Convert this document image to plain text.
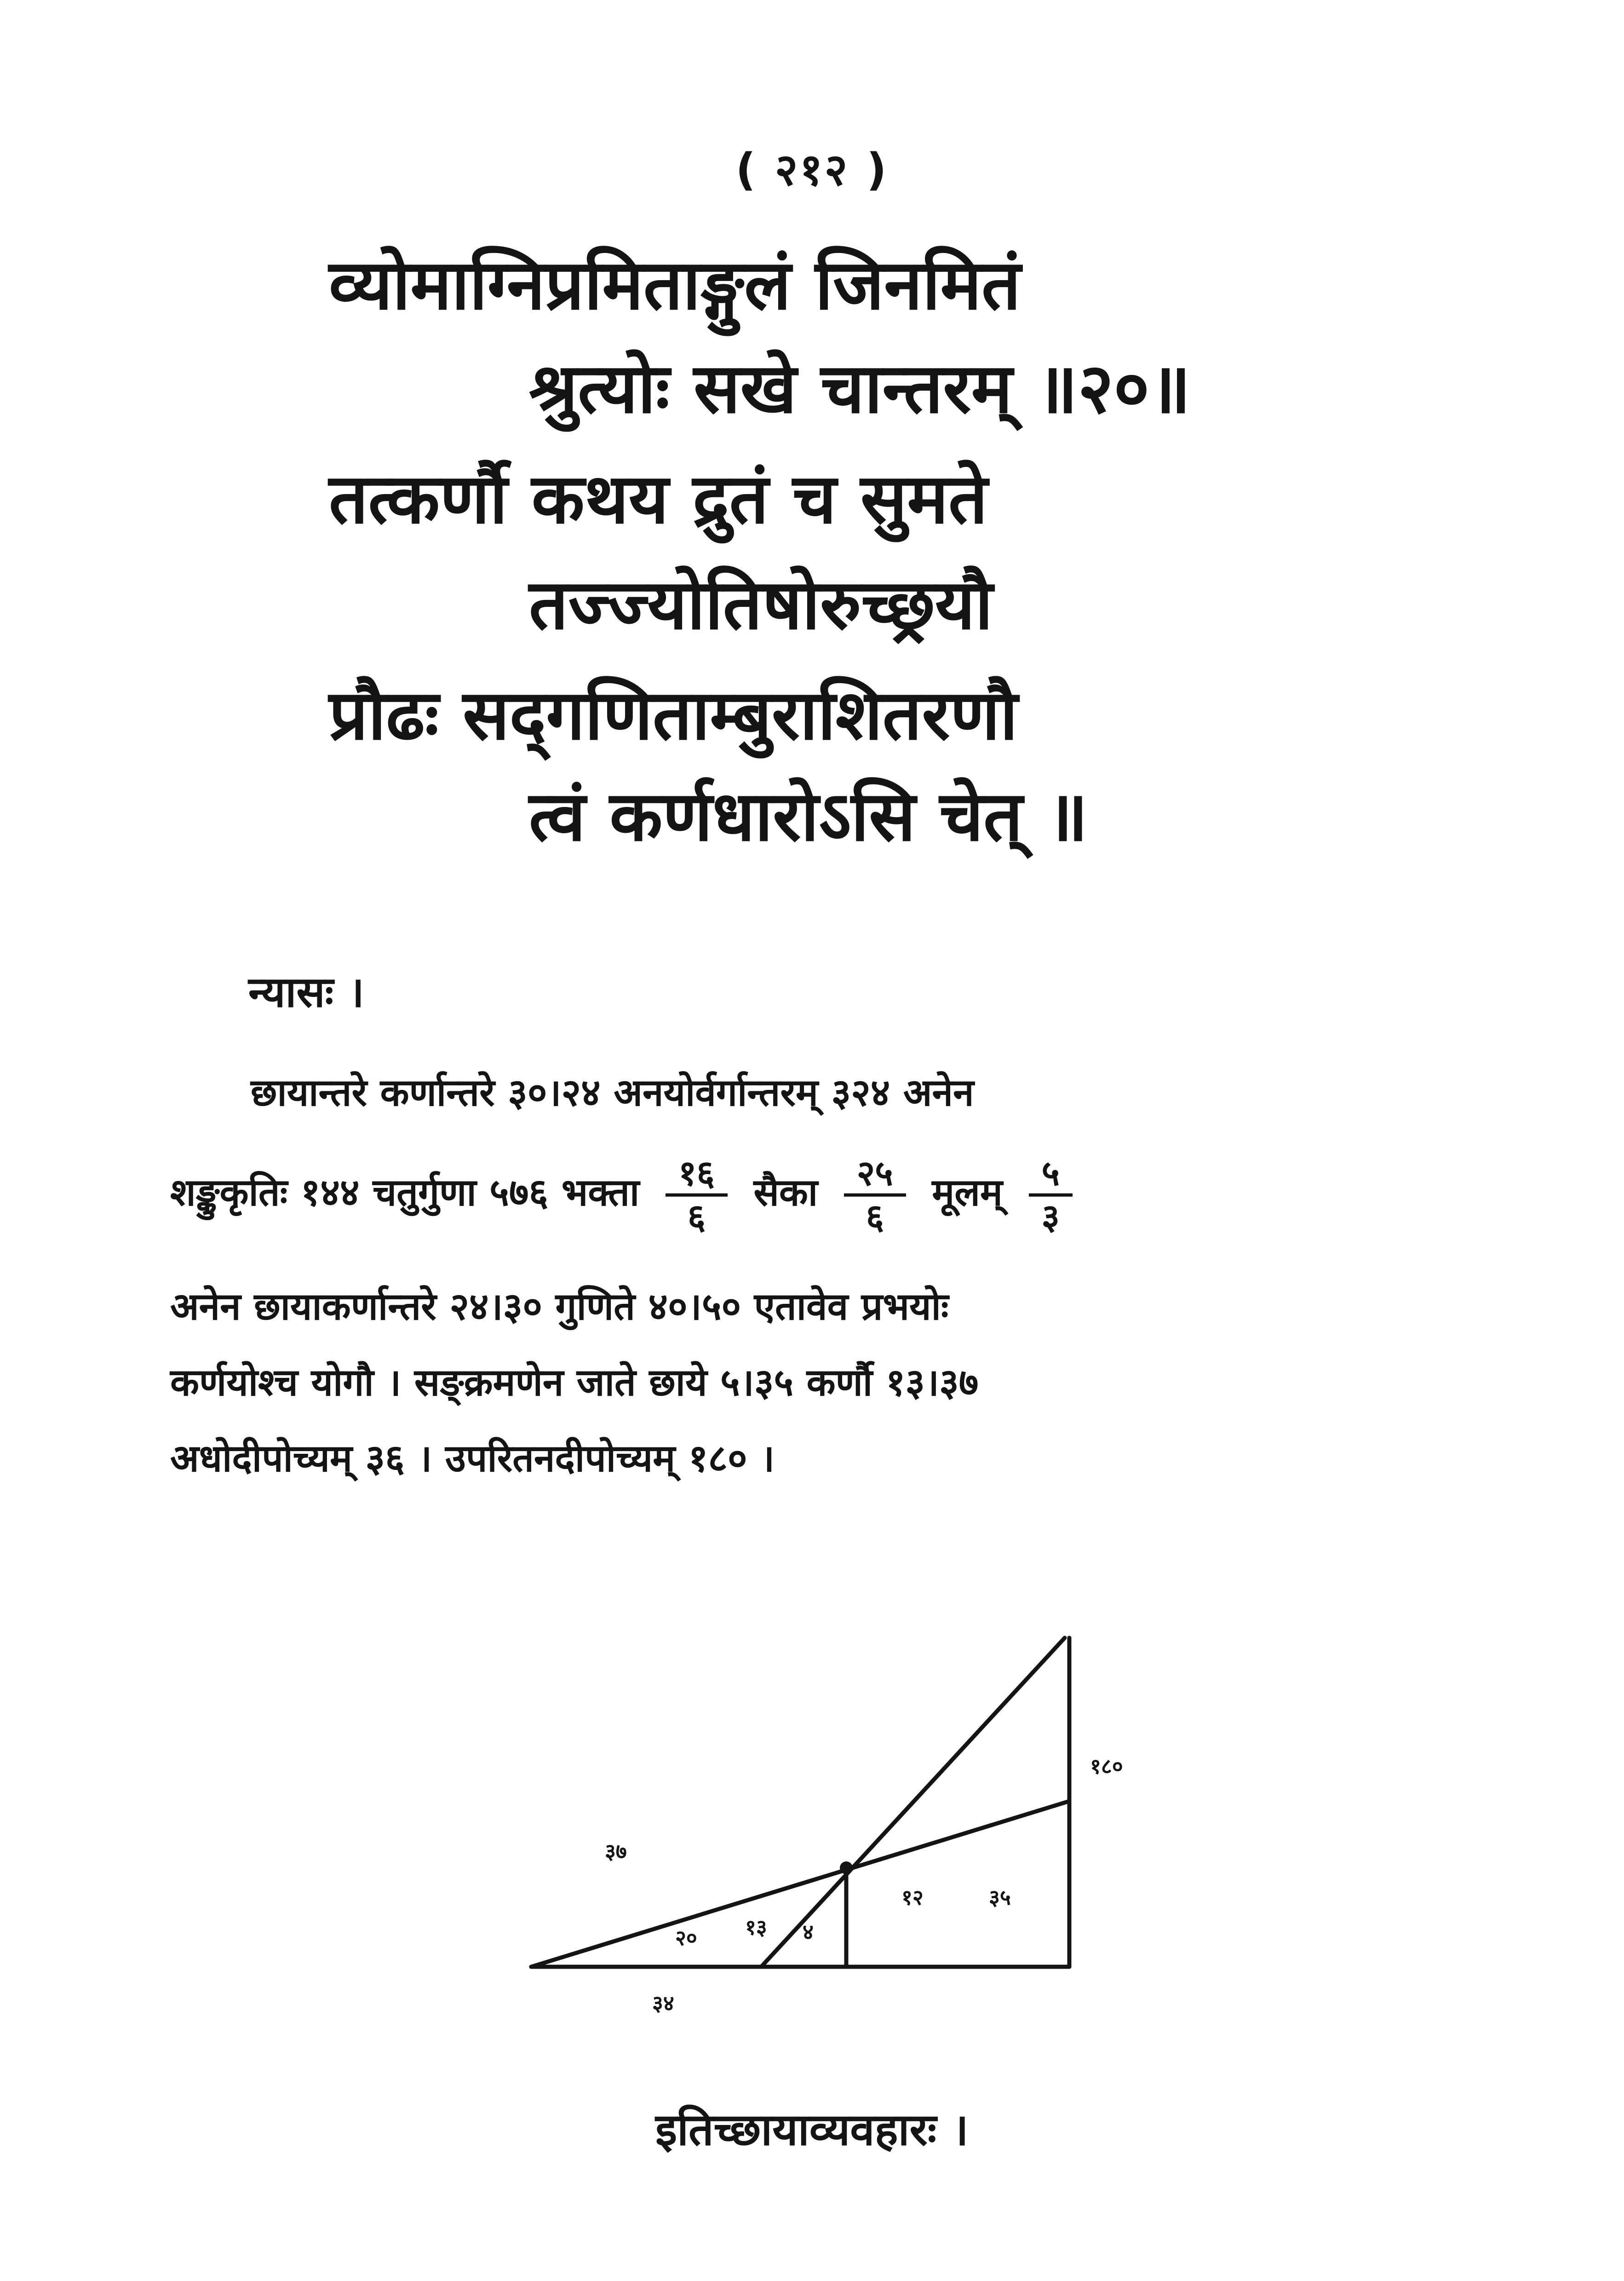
( २१२ )
व्योमाग्निप्रमिताङ्गुलं जिनमितं
श्रुत्योः सखे चान्तरम् ॥२०॥
तत्कर्णौ कथय द्रुतं च सुमते
तज्ज्योतिषोरुच्छ्रयौ
प्रौढः सद्‌गणिताम्बुराशितरणौ
त्वं कर्णधारोऽसि चेत् ॥
न्यासः ।
छायान्तरे कर्णान्तरे ३०।२४ अनयोर्वर्गान्तरम् ३२४ अनेन
शङ्कुकृतिः १४४ चतुर्गुणा ५७६ भक्ता $\frac{१६}{६}$ सैका $\frac{२५}{६}$ मूलम् $\frac{५}{३}$
अनेन छायाकर्णान्तरे २४।३० गुणिते ४०।५० एतावेव प्रभयोः
कर्णयोश्च योगौ । सङ्क्रमणेन जाते छाये ५।३५ कर्णौ १३।३७
अधोदीपोच्यम् ३६ । उपरितनदीपोच्यम् १८० ।
१८०
३७
२० १३ ४
१२	३५
३४
इतिच्छायाव्यवहारः ।
